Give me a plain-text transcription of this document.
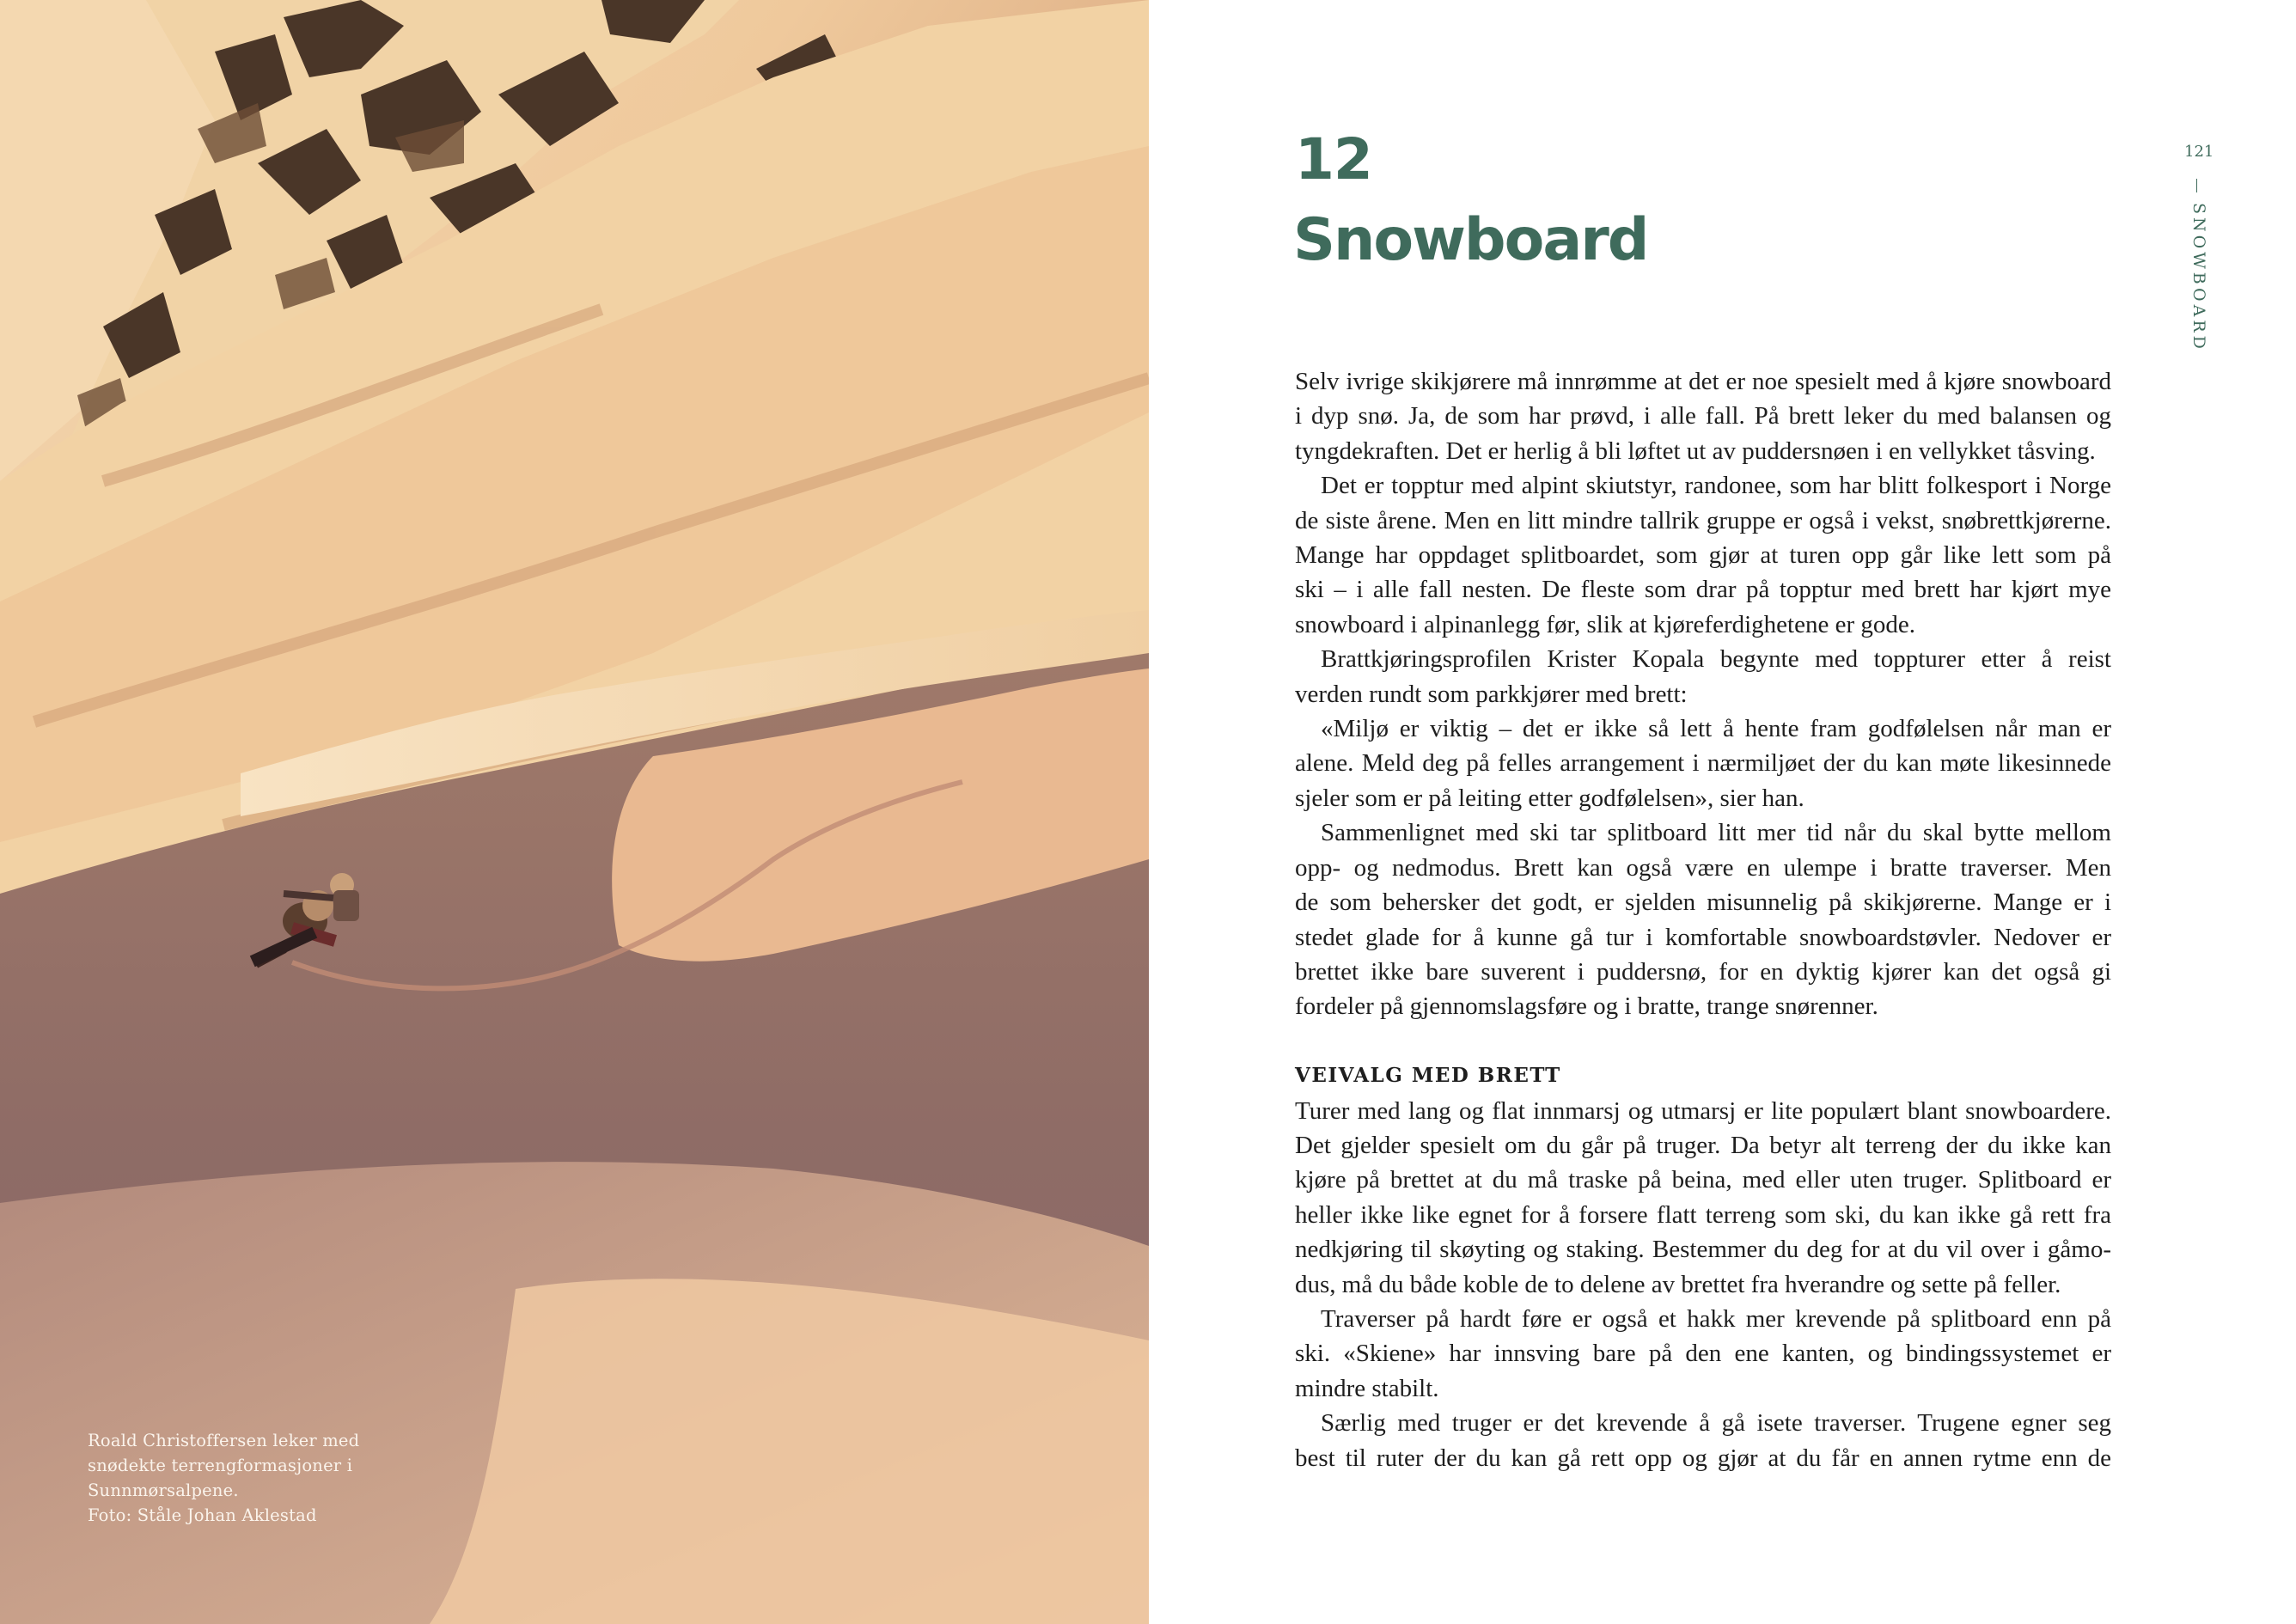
Roald Christoffersen leker med
snødekte terrengformasjoner i
Sunnmørsalpene.
Foto: Ståle Johan Aklestad
12
Snowboard
121
SNOWBOARD

Selv ivrige skikjørere må innrømme at det er noe spesielt med å kjøre snowboard
i dyp snø. Ja, de som har prøvd, i alle fall. På brett leker du med balansen og
tyngdekraften. Det er herlig å bli løftet ut av puddersnøen i en vellykket tåsving.

Det er topptur med alpint skiutstyr, randonee, som har blitt folkesport i Norge
de siste årene. Men en litt mindre tallrik gruppe er også i vekst, snøbrettkjørerne.
Mange har oppdaget splitboardet, som gjør at turen opp går like lett som på
ski – i alle fall nesten. De fleste som drar på topptur med brett har kjørt mye
snowboard i alpinanlegg før, slik at kjøreferdighetene er gode.

Brattkjøringsprofilen Krister Kopala begynte med toppturer etter å reist
verden rundt som parkkjører med brett:

«Miljø er viktig – det er ikke så lett å hente fram godfølelsen når man er
alene. Meld deg på felles arrangement i nærmiljøet der du kan møte likesinnede
sjeler som er på leiting etter godfølelsen», sier han.

Sammenlignet med ski tar splitboard litt mer tid når du skal bytte mellom
opp- og nedmodus. Brett kan også være en ulempe i bratte traverser. Men
de som behersker det godt, er sjelden misunnelig på skikjørerne. Mange er i
stedet glade for å kunne gå tur i komfortable snowboardstøvler. Nedover er
brettet ikke bare suverent i puddersnø, for en dyktig kjører kan det også gi
fordeler på gjennomslagsføre og i bratte, trange snørenner.

VEIVALG MED BRETT

Turer med lang og flat innmarsj og utmarsj er lite populært blant snowboardere.
Det gjelder spesielt om du går på truger. Da betyr alt terreng der du ikke kan
kjøre på brettet at du må traske på beina, med eller uten truger. Splitboard er
heller ikke like egnet for å forsere flatt terreng som ski, du kan ikke gå rett fra
nedkjøring til skøyting og staking. Bestemmer du deg for at du vil over i gåmo-
dus, må du både koble de to delene av brettet fra hverandre og sette på feller.

Traverser på hardt føre er også et hakk mer krevende på splitboard enn på
ski. «Skiene» har innsving bare på den ene kanten, og bindingssystemet er
mindre stabilt.

Særlig med truger er det krevende å gå isete traverser. Trugene egner seg
best til ruter der du kan gå rett opp og gjør at du får en annen rytme enn de
